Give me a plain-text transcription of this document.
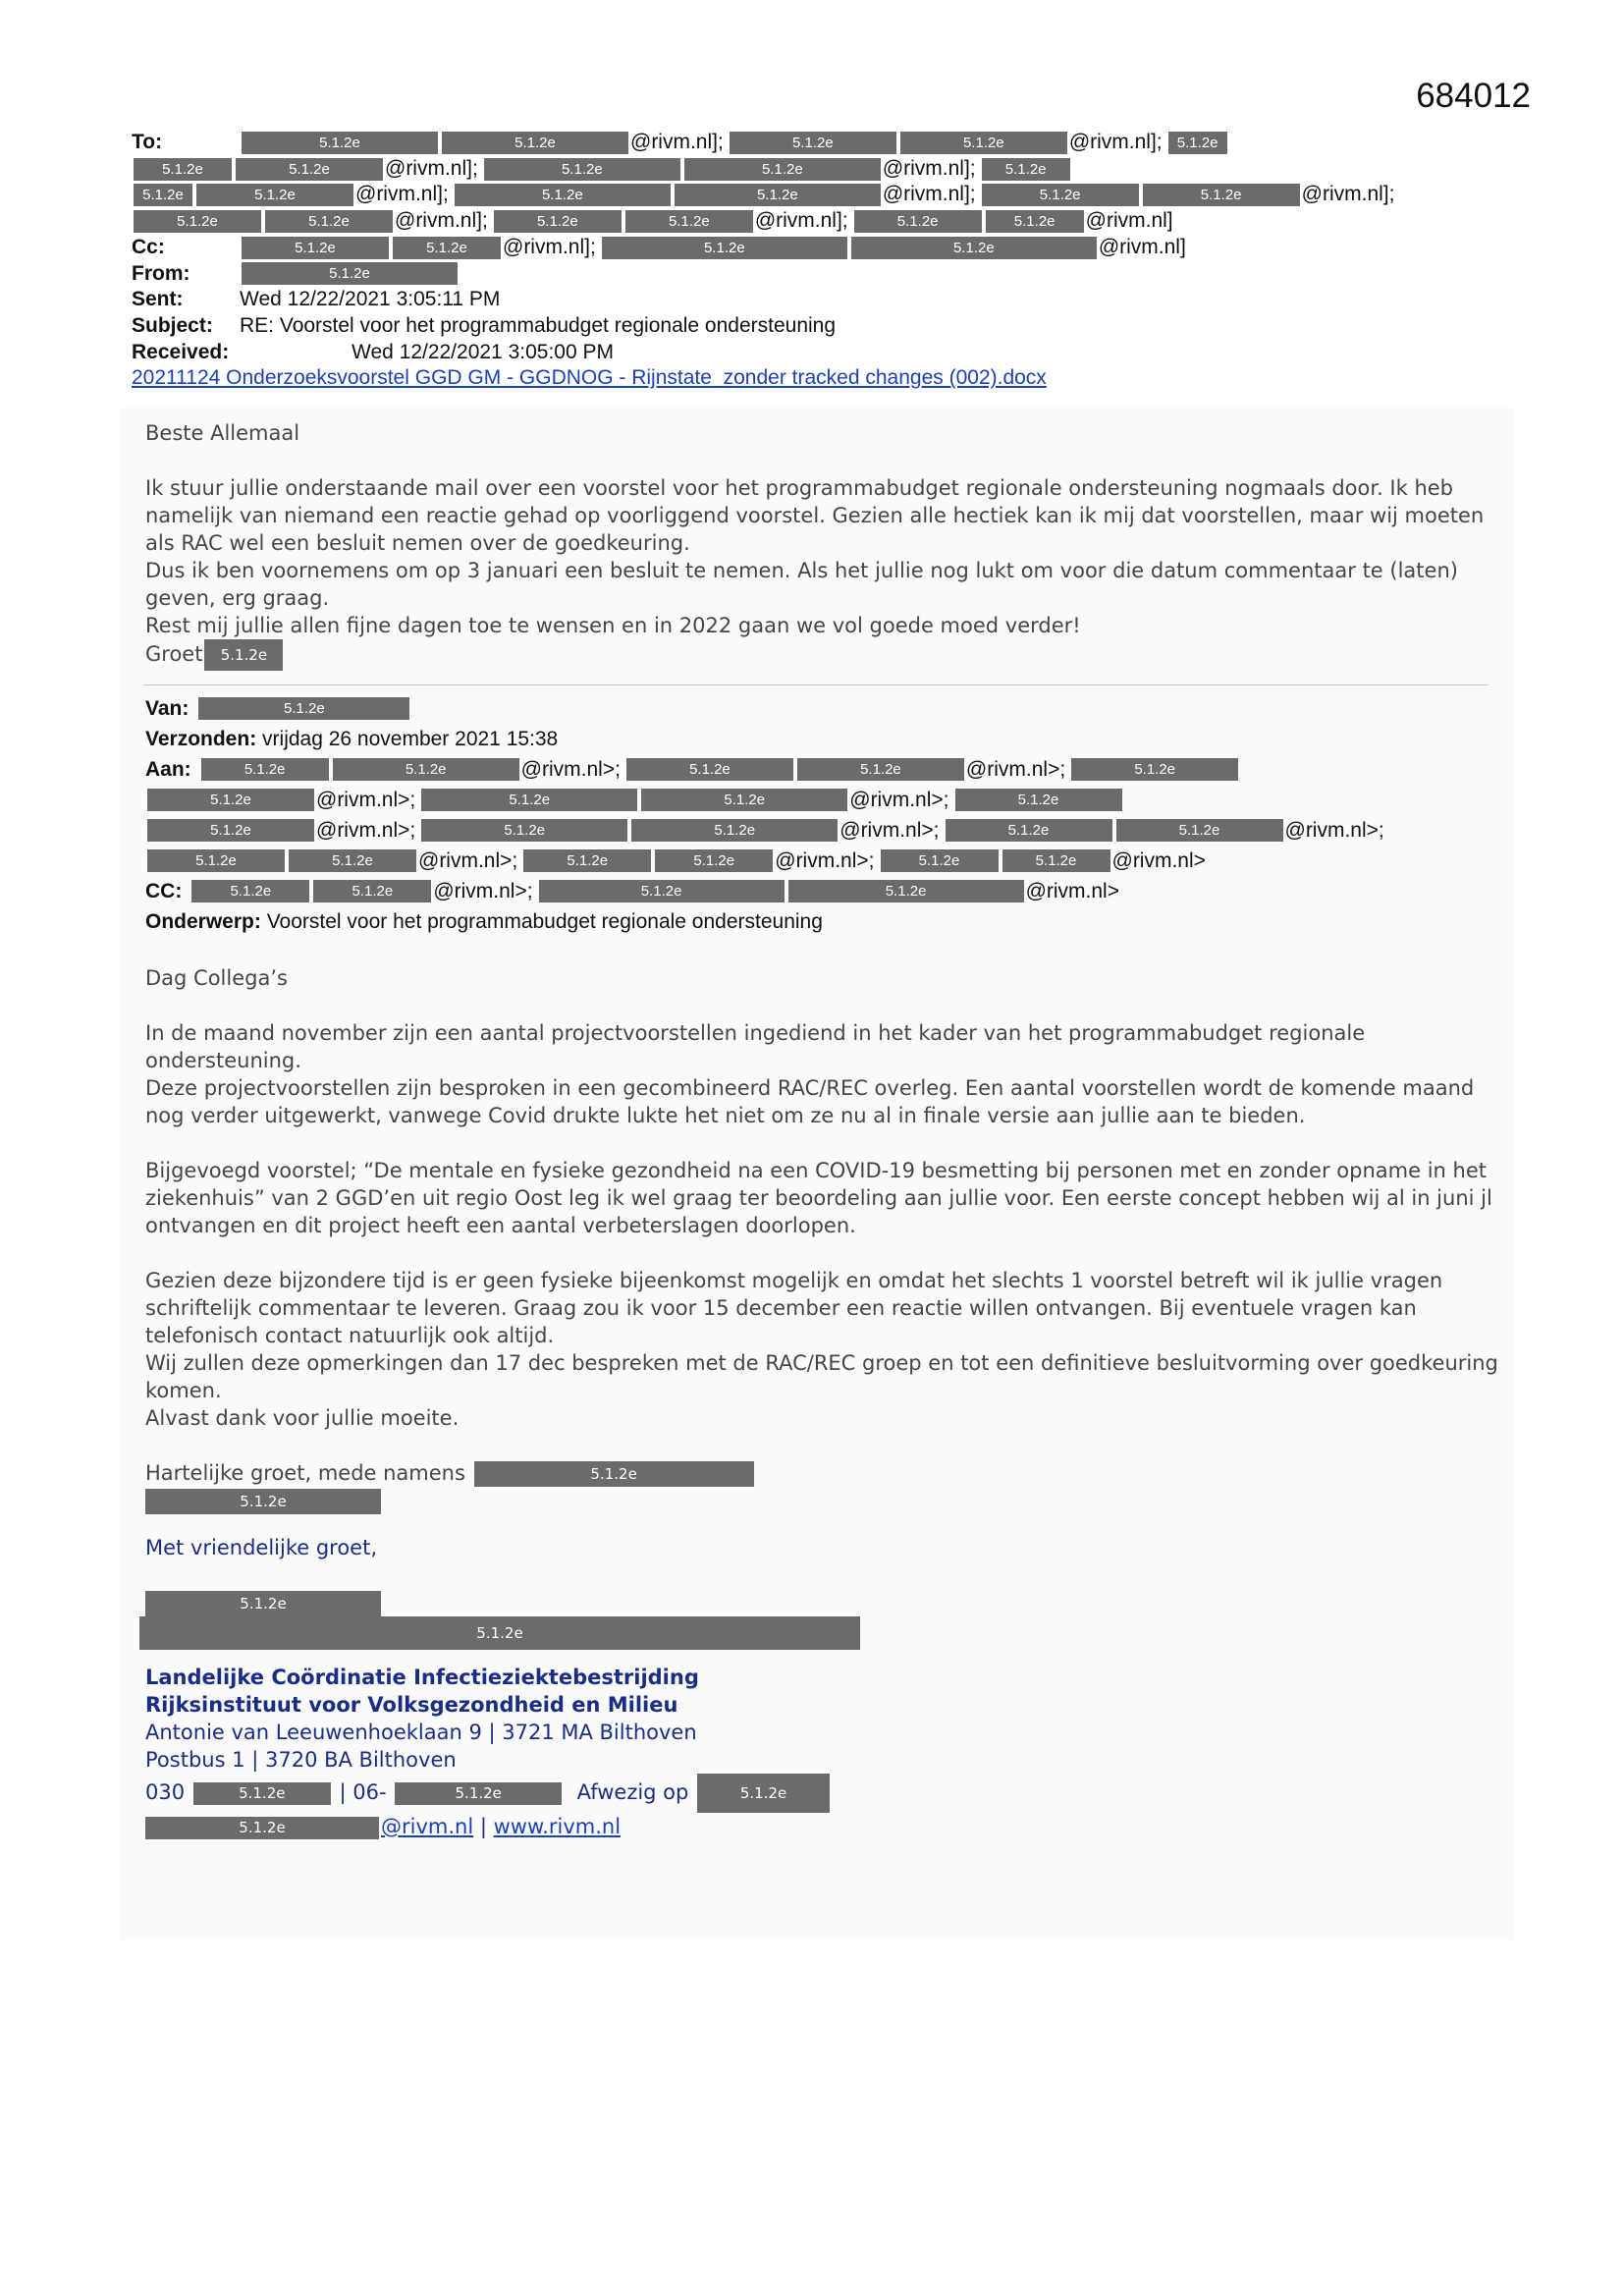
684012
To:	5.1.2e	5.1.2e	@rivm.nl];	5.1.2e	5.1.2e	@rivm.nl];	5.1.2e
5.1.2e	5.1.2e	@rivm.nl];	5.1.2e	5.1.2e	@rivm.nl];	5.1.2e
5.1.2e	5.1.2e	@rivm.nl];	5.1.2e	5.1.2e	@rivm.nl];	5.1.2e	5.1.2e	@rivm.nl];
5.1.2e	5.1.2e	@rivm.nl];	5.1.2e	5.1.2e	@rivm.nl];	5.1.2e	5.1.2e	@rivm.nl]
Cc:	5.1.2e	5.1.2e	@rivm.nl];	5.1.2e	5.1.2e	@rivm.nl]
From:	5.1.2e
Sent:	Wed 12/22/2021 3:05:11 PM
Subject:	RE: Voorstel voor het programmabudget regionale ondersteuning
Received:	Wed 12/22/2021 3:05:00 PM
20211124 Onderzoeksvoorstel GGD GM - GGDNOG - Rijnstate_zonder tracked changes (002).docx

Beste Allemaal

Ik stuur jullie onderstaande mail over een voorstel voor het programmabudget regionale ondersteuning nogmaals door. Ik heb namelijk van niemand een reactie gehad op voorliggend voorstel. Gezien alle hectiek kan ik mij dat voorstellen, maar wij moeten als RAC wel een besluit nemen over de goedkeuring.

Dus ik ben voornemens om op 3 januari een besluit te nemen. Als het jullie nog lukt om voor die datum commentaar te (laten) geven, erg graag.

Rest mij jullie allen fijne dagen toe te wensen en in 2022 gaan we vol goede moed verder!

Groet 5.1.2e

Van:	5.1.2e
Verzonden:
vrijdag 26 november 2021 15:38
Aan:	5.1.2e	5.1.2e	@rivm.nl>;	5.1.2e	5.1.2e	@rivm.nl>;	5.1.2e
5.1.2e	@rivm.nl>;	5.1.2e	5.1.2e	@rivm.nl>;	5.1.2e
5.1.2e	@rivm.nl>;	5.1.2e	5.1.2e	@rivm.nl>;	5.1.2e	5.1.2e	@rivm.nl>;
5.1.2e	5.1.2e	@rivm.nl>;	5.1.2e	5.1.2e	@rivm.nl>;	5.1.2e	5.1.2e	@rivm.nl>
CC:	5.1.2e	5.1.2e	@rivm.nl>;	5.1.2e	5.1.2e	@rivm.nl>
Onderwerp:
Voorstel voor het programmabudget regionale ondersteuning

Dag Collega’s

In de maand november zijn een aantal projectvoorstellen ingediend in het kader van het programmabudget regionale ondersteuning.

Deze projectvoorstellen zijn besproken in een gecombineerd RAC/REC overleg. Een aantal voorstellen wordt de komende maand nog verder uitgewerkt, vanwege Covid drukte lukte het niet om ze nu al in finale versie aan jullie aan te bieden.

Bijgevoegd voorstel; “De mentale en fysieke gezondheid na een COVID-19 besmetting bij personen met en zonder opname in het ziekenhuis” van 2 GGD’en uit regio Oost leg ik wel graag ter beoordeling aan jullie voor. Een eerste concept hebben wij al in juni jl ontvangen en dit project heeft een aantal verbeterslagen doorlopen.

Gezien deze bijzondere tijd is er geen fysieke bijeenkomst mogelijk en omdat het slechts 1 voorstel betreft wil ik jullie vragen schriftelijk commentaar te leveren. Graag zou ik voor 15 december een reactie willen ontvangen. Bij eventuele vragen kan telefonisch contact natuurlijk ook altijd.

Wij zullen deze opmerkingen dan 17 dec bespreken met de RAC/REC groep en tot een definitieve besluitvorming over goedkeuring komen.

Alvast dank voor jullie moeite.

Hartelijke groet, mede namens	5.1.2e

5.1.2e

Met vriendelijke groet,

5.1.2e

5.1.2e

Landelijke Coördinatie Infectieziektebestrijding

Rijksinstituut voor Volksgezondheid en Milieu

Antonie van Leeuwenhoeklaan 9 | 3721 MA Bilthoven

Postbus 1 | 3720 BA Bilthoven

030	5.1.2e	| 06-	5.1.2e	Afwezig op	5.1.2e

5.1.2e	@rivm.nl | www.rivm.nl
